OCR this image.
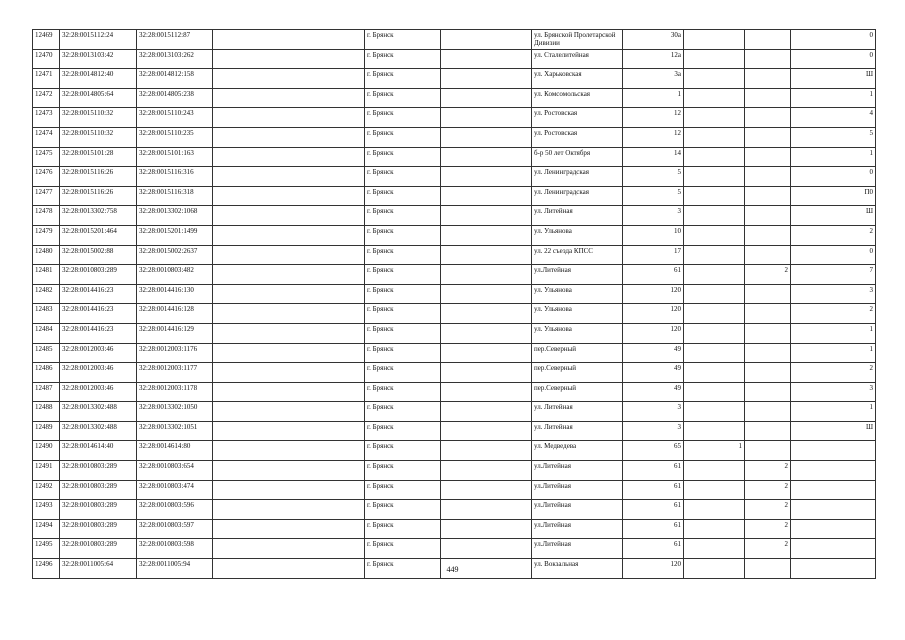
12469	32:28:0015112:24	32:28:0015112:87		г. Брянск		ул. Брянской Пролетарской Дивизии	30а			0
12470	32:28:0013103:42	32:28:0013103:262		г. Брянск		ул. Сталелитейная	12а			0
12471	32:28:0014812:40	32:28:0014812:158		г. Брянск		ул. Харьковская	3а			Ш
12472	32:28:0014805:64	32:28:0014805:238		г. Брянск		ул. Комсомольская	1			1
12473	32:28:0015110:32	32:28:0015110:243		г. Брянск		ул. Ростовская	12			4
12474	32:28:0015110:32	32:28:0015110:235		г. Брянск		ул. Ростовская	12			5
12475	32:28:0015101:28	32:28:0015101:163		г. Брянск		б-р 50 лет Октября	14			1
12476	32:28:0015116:26	32:28:0015116:316		г. Брянск		ул. Ленинградская	5			0
12477	32:28:0015116:26	32:28:0015116:318		г. Брянск		ул. Ленинградская	5			П0
12478	32:28:0013302:758	32:28:0013302:1068		г. Брянск		ул. Литейная	3			Ш
12479	32:28:0015201:464	32:28:0015201:1499		г. Брянск		ул. Ульянова	10			2
12480	32:28:0015002:88	32:28:0015002:2637		г. Брянск		ул. 22 съезда КПСС	17			0
12481	32:28:0010803:289	32:28:0010803:482		г. Брянск		ул.Литейная	61		2	7
12482	32:28:0014416:23	32:28:0014416:130		г. Брянск		ул. Ульянова	120			3
12483	32:28:0014416:23	32:28:0014416:128		г. Брянск		ул. Ульянова	120			2
12484	32:28:0014416:23	32:28:0014416:129		г. Брянск		ул. Ульянова	120			1
12485	32:28:0012003:46	32:28:0012003:1176		г. Брянск		пер.Северный	49			1
12486	32:28:0012003:46	32:28:0012003:1177		г. Брянск		пер.Северный	49			2
12487	32:28:0012003:46	32:28:0012003:1178		г. Брянск		пер.Северный	49			3
12488	32:28:0013302:488	32:28:0013302:1050		г. Брянск		ул. Литейная	3			1
12489	32:28:0013302:488	32:28:0013302:1051		г. Брянск		ул. Литейная	3			Ш
12490	32:28:0014614:40	32:28:0014614:80		г. Брянск		ул. Медведева	65	1		
12491	32:28:0010803:289	32:28:0010803:654		г. Брянск		ул.Литейная	61		2	
12492	32:28:0010803:289	32:28:0010803:474		г. Брянск		ул.Литейная	61		2	
12493	32:28:0010803:289	32:28:0010803:596		г. Брянск		ул.Литейная	61		2	
12494	32:28:0010803:289	32:28:0010803:597		г. Брянск		ул.Литейная	61		2	
12495	32:28:0010803:289	32:28:0010803:598		г. Брянск		ул.Литейная	61		2	
12496	32:28:0011005:64	32:28:0011005:94		г. Брянск		ул. Вокзальная	120			
449
